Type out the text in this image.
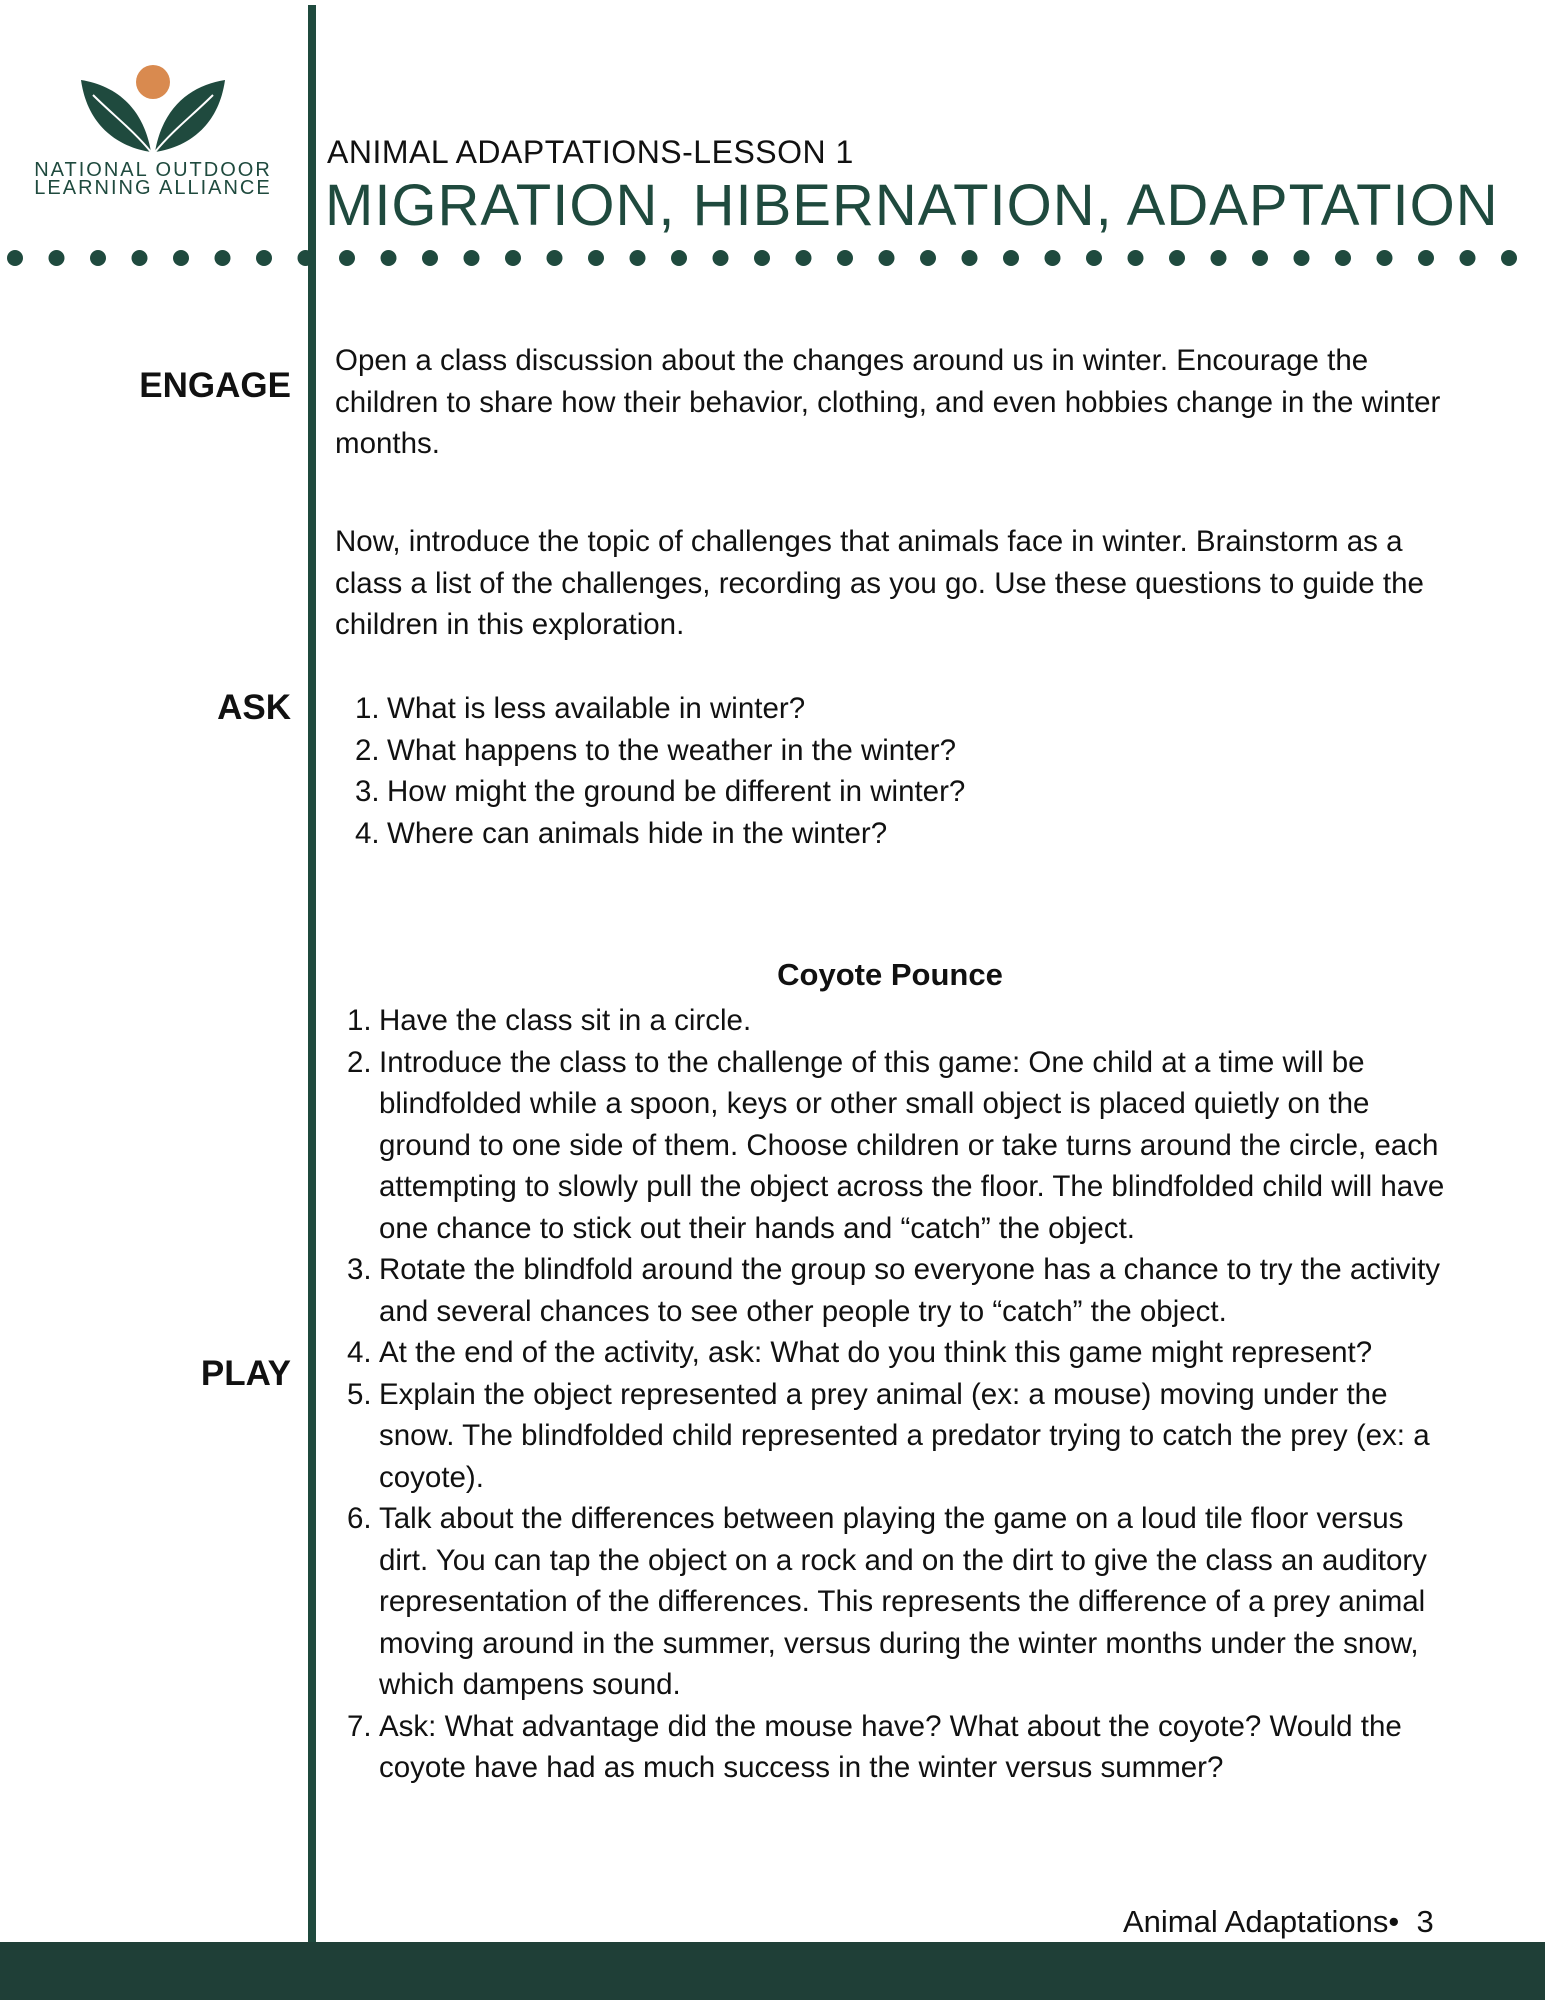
NATIONAL OUTDOOR
LEARNING ALLIANCE
ANIMAL ADAPTATIONS-LESSON 1
MIGRATION, HIBERNATION, ADAPTATION
ENGAGE

Open a class discussion about the changes around us in winter. Encourage the children to share how their behavior, clothing, and even hobbies change in the winter months.

Now, introduce the topic of challenges that animals face in winter. Brainstorm as a class a list of the challenges, recording as you go. Use these questions to guide the children in this exploration.

ASK 1. What is less available in winter?
2. What happens to the weather in the winter?
3. How might the ground be different in winter?
4. Where can animals hide in the winter?
Coyote Pounce
PLAY
1. Have the class sit in a circle.
2. Introduce the class to the challenge of this game: One child at a time will be blindfolded while a spoon, keys or other small object is placed quietly on the ground to one side of them. Choose children or take turns around the circle, each attempting to slowly pull the object across the floor. The blindfolded child will have one chance to stick out their hands and “catch” the object.
3. Rotate the blindfold around the group so everyone has a chance to try the activity and several chances to see other people try to “catch” the object.
4. At the end of the activity, ask: What do you think this game might represent?
5. Explain the object represented a prey animal (ex: a mouse) moving under the snow. The blindfolded child represented a predator trying to catch the prey (ex: a coyote).
6. Talk about the differences between playing the game on a loud tile floor versus dirt. You can tap the object on a rock and on the dirt to give the class an auditory representation of the differences. This represents the difference of a prey animal moving around in the summer, versus during the winter months under the snow, which dampens sound.
7. Ask: What advantage did the mouse have? What about the coyote? Would the coyote have had as much success in the winter versus summer?
Animal Adaptations• 3
